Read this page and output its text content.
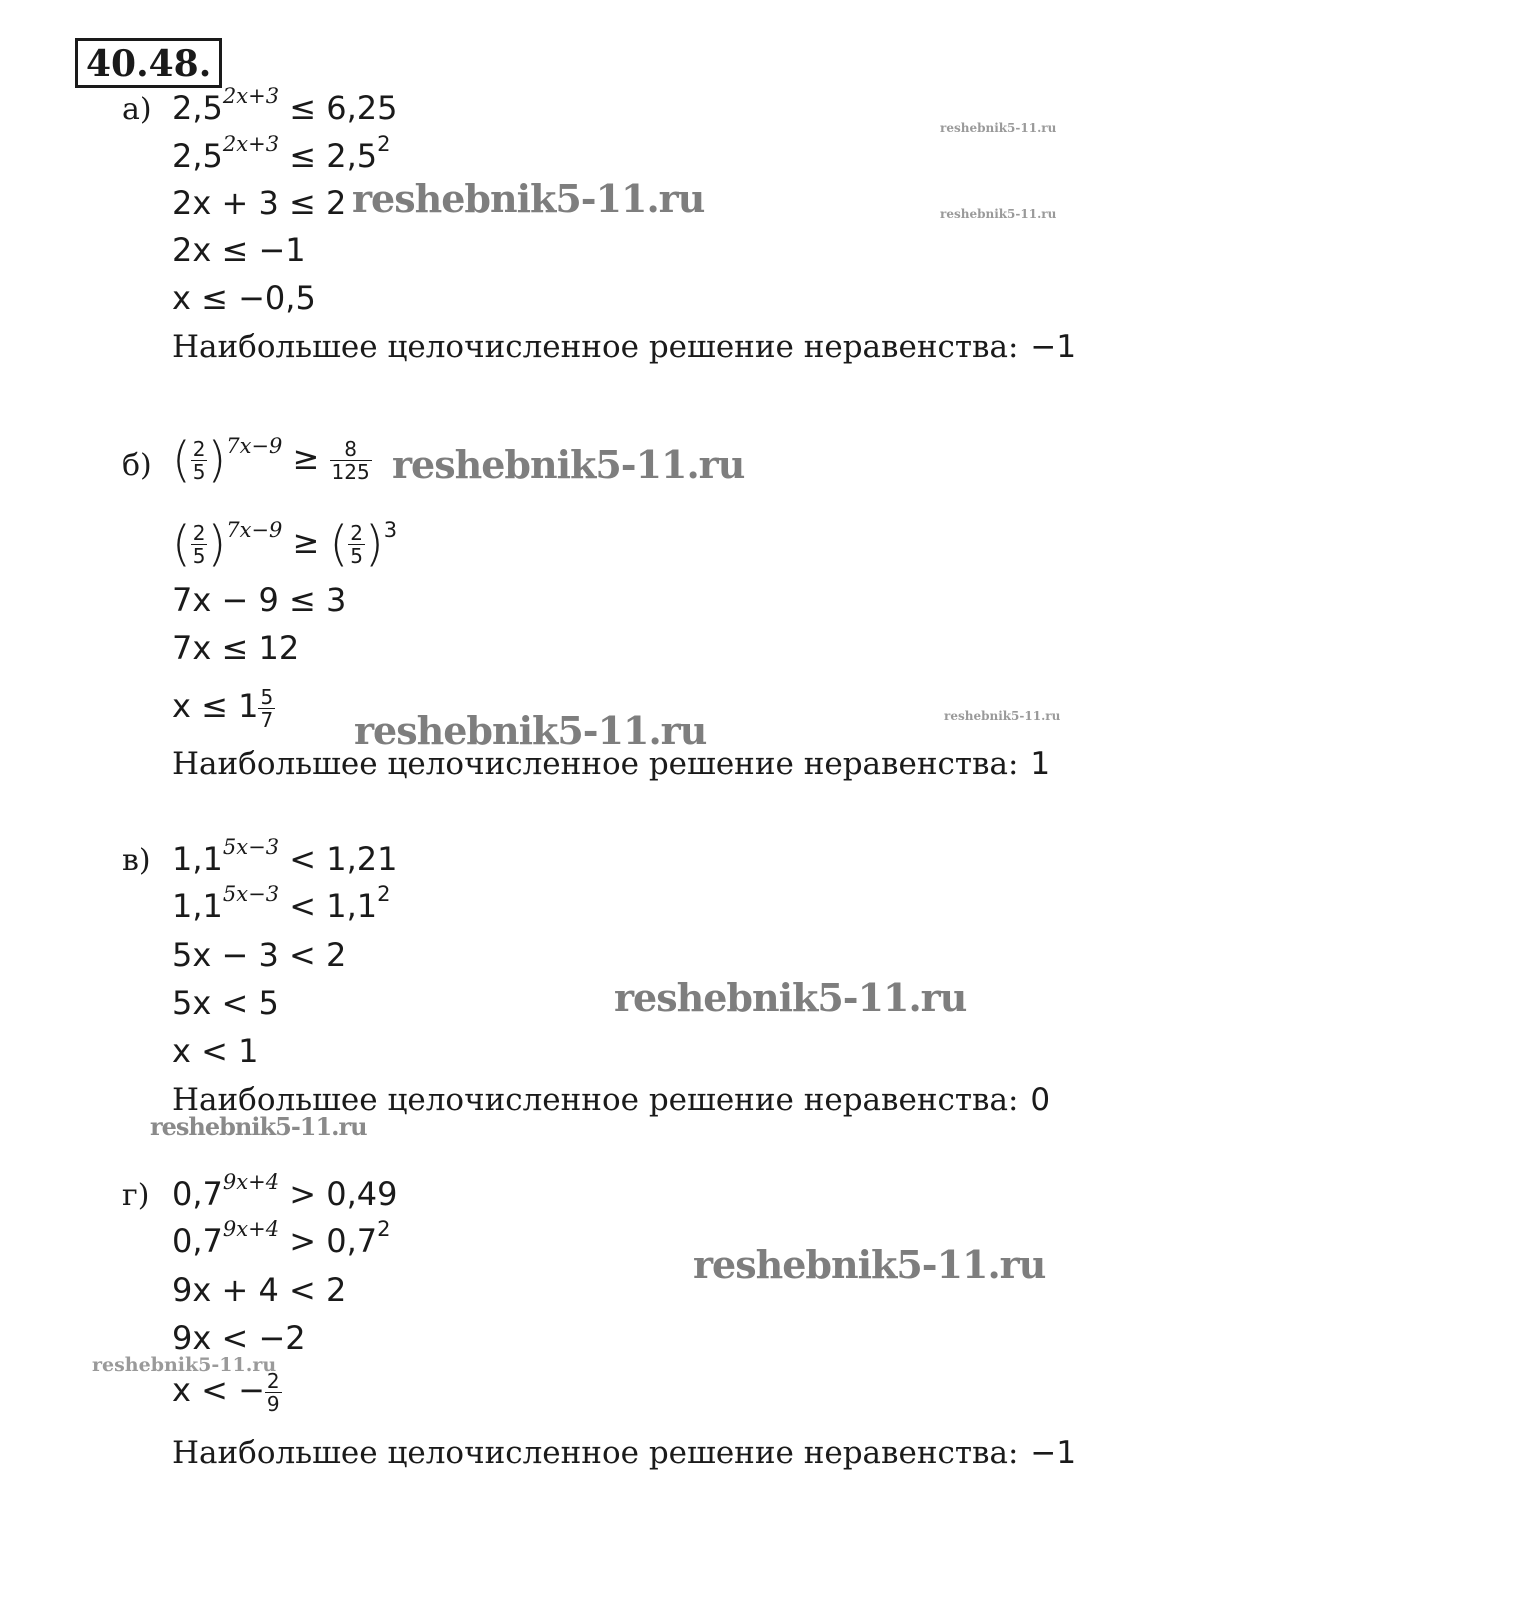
40.48.
а) $2,5^{2x+3} \le 6,25$
$2,5^{2x+3} \le 2,5^2$
2x + 3 ≤ 2
2x ≤ −1
x ≤ −0,5
Наибольшее целочисленное решение неравенства: −1
б) ( $\frac{2}{5} )^{7x-9} \ge \frac{8}{125}$
( $\frac{2}{5} )^{7x-9}$ ≥ ( $\frac{2}{5} )^3$
7x − 9 ≤ 3
7x ≤ 12
$x \le 1 \frac{5}{7}$
Наибольшее целочисленное решение неравенства: 1
в) $1,1^{5x-3} < 1,21$
$1,1^{5x-3} < 1,1^2$
5x − 3 < 2
5x < 5
x < 1
Наибольшее целочисленное решение неравенства: 0
г) $0,7^{9x+4} > 0,49$
$0,7^{9x+4} > 0,7^2$
9x + 4 < 2
9x < −2
x < − $\frac{2}{9}$
Наибольшее целочисленное решение неравенства: −1
reshebnik5-11.ru
reshebnik5-11.ru
reshebnik5-11.ru
reshebnik5-11.ru
reshebnik5-11.ru
reshebnik5-11.ru
reshebnik5-11.ru
reshebnik5-11.ru
reshebnik5-11.ru
reshebnik5-11.ru
